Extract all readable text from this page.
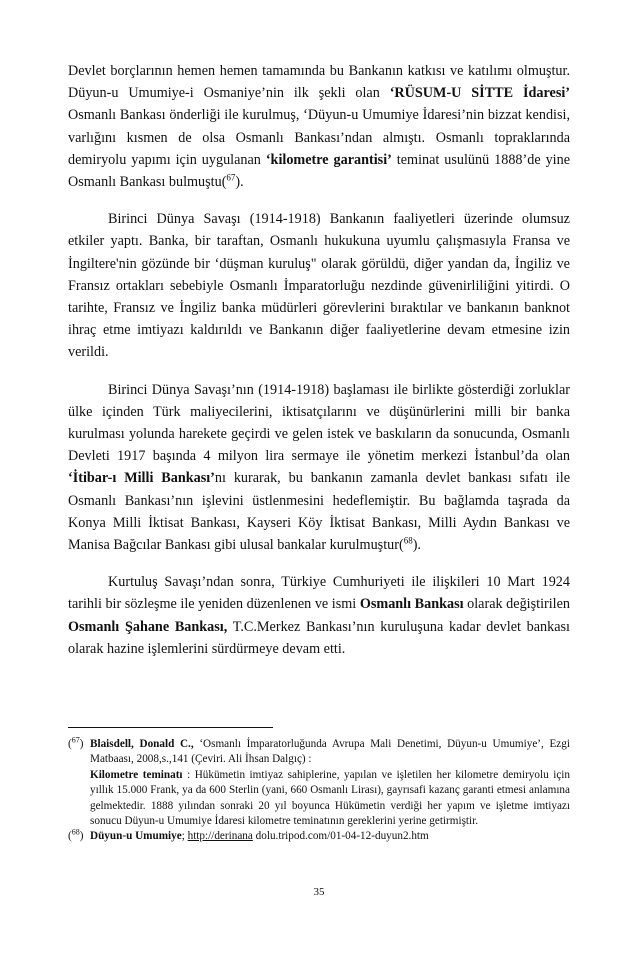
Devlet borçlarının hemen hemen tamamında bu Bankanın katkısı ve katılımı olmuştur. Düyun-u Umumiye-i Osmaniye’nin ilk şekli olan ‘RÜSUM-U SİTTE İdaresi’ Osmanlı Bankası önderliği ile kurulmuş, ‘Düyun-u Umumiye İdaresi’nin bizzat kendisi, varlığını kısmen de olsa Osmanlı Bankası’ndan almıştı. Osmanlı topraklarında demiryolu yapımı için uygulanan ‘kilometre garantisi’ teminat usulünü 1888’de yine Osmanlı Bankası bulmuştu($^{67}$).

Birinci Dünya Savaşı (1914-1918) Bankanın faaliyetleri üzerinde olumsuz etkiler yaptı. Banka, bir taraftan, Osmanlı hukukuna uyumlu çalışmasıyla Fransa ve İngiltere'nin gözünde bir ‘düşman kuruluş" olarak görüldü, diğer yandan da, İngiliz ve Fransız ortakları sebebiyle Osmanlı İmparatorluğu nezdinde güvenirliliğini yitirdi. O tarihte, Fransız ve İngiliz banka müdürleri görevlerini bıraktılar ve bankanın banknot ihraç etme imtiyazı kaldırıldı ve Bankanın diğer faaliyetlerine devam etmesine izin verildi.

Birinci Dünya Savaşı’nın (1914-1918) başlaması ile birlikte gösterdiği zorluklar ülke içinden Türk maliyecilerini, iktisatçılarını ve düşünürlerini milli bir banka kurulması yolunda harekete geçirdi ve gelen istek ve baskıların da sonucunda, Osmanlı Devleti 1917 başında 4 milyon lira sermaye ile yönetim merkezi İstanbul’da olan ‘İtibar-ı Milli Bankası’nı kurarak, bu bankanın zamanla devlet bankası sıfatı ile Osmanlı Bankası’nın işlevini üstlenmesini hedeflemiştir. Bu bağlamda taşrada da Konya Milli İktisat Bankası, Kayseri Köy İktisat Bankası, Milli Aydın Bankası ve Manisa Bağcılar Bankası gibi ulusal bankalar kurulmuştur($^{68}$).

Kurtuluş Savaşı’ndan sonra, Türkiye Cumhuriyeti ile ilişkileri 10 Mart 1924 tarihli bir sözleşme ile yeniden düzenlenen ve ismi Osmanlı Bankası olarak değiştirilen Osmanlı Şahane Bankası, T.C.Merkez Bankası’nın kuruluşuna kadar devlet bankası olarak hazine işlemlerini sürdürmeye devam etti.

($^{67}$) Blaisdell, Donald C., ‘Osmanlı İmparatorluğunda Avrupa Mali Denetimi, Düyun-u Umumiye’, Ezgi Matbaası, 2008,s.,141 (Çeviri. Ali İhsan Dalgıç) :
Kilometre teminatı : Hükümetin imtiyaz sahiplerine, yapılan ve işletilen her kilometre demiryolu için yıllık 15.000 Frank, ya da 600 Sterlin (yani, 660 Osmanlı Lirası), gayrısafi kazanç garanti etmesi anlamına gelmektedir. 1888 yılından sonraki 20 yıl boyunca Hükümetin verdiği her yapım ve işletme imtiyazı sonucu Düyun-u Umumiye İdaresi kilometre teminatının gereklerini yerine getirmiştir.
($^{68}$) Düyun-u Umumiye; http://derinana dolu.tripod.com/01-04-12-duyun2.htm
35
